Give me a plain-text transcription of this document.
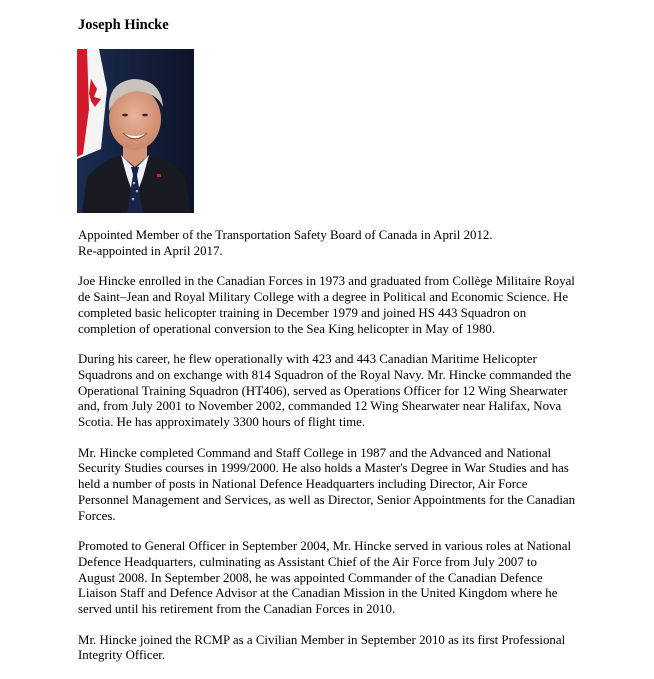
Joseph Hincke

Appointed Member of the Transportation Safety Board of Canada in April 2012.
Re-appointed in April 2017.

Joe Hincke enrolled in the Canadian Forces in 1973 and graduated from Collège Militaire Royal
de Saint–Jean and Royal Military College with a degree in Political and Economic Science. He
completed basic helicopter training in December 1979 and joined HS 443 Squadron on
completion of operational conversion to the Sea King helicopter in May of 1980.

During his career, he flew operationally with 423 and 443 Canadian Maritime Helicopter
Squadrons and on exchange with 814 Squadron of the Royal Navy. Mr. Hincke commanded the
Operational Training Squadron (HT406), served as Operations Officer for 12 Wing Shearwater
and, from July 2001 to November 2002, commanded 12 Wing Shearwater near Halifax, Nova
Scotia. He has approximately 3300 hours of flight time.

Mr. Hincke completed Command and Staff College in 1987 and the Advanced and National
Security Studies courses in 1999/2000. He also holds a Master's Degree in War Studies and has
held a number of posts in National Defence Headquarters including Director, Air Force
Personnel Management and Services, as well as Director, Senior Appointments for the Canadian
Forces.

Promoted to General Officer in September 2004, Mr. Hincke served in various roles at National
Defence Headquarters, culminating as Assistant Chief of the Air Force from July 2007 to
August 2008. In September 2008, he was appointed Commander of the Canadian Defence
Liaison Staff and Defence Advisor at the Canadian Mission in the United Kingdom where he
served until his retirement from the Canadian Forces in 2010.

Mr. Hincke joined the RCMP as a Civilian Member in September 2010 as its first Professional
Integrity Officer.
